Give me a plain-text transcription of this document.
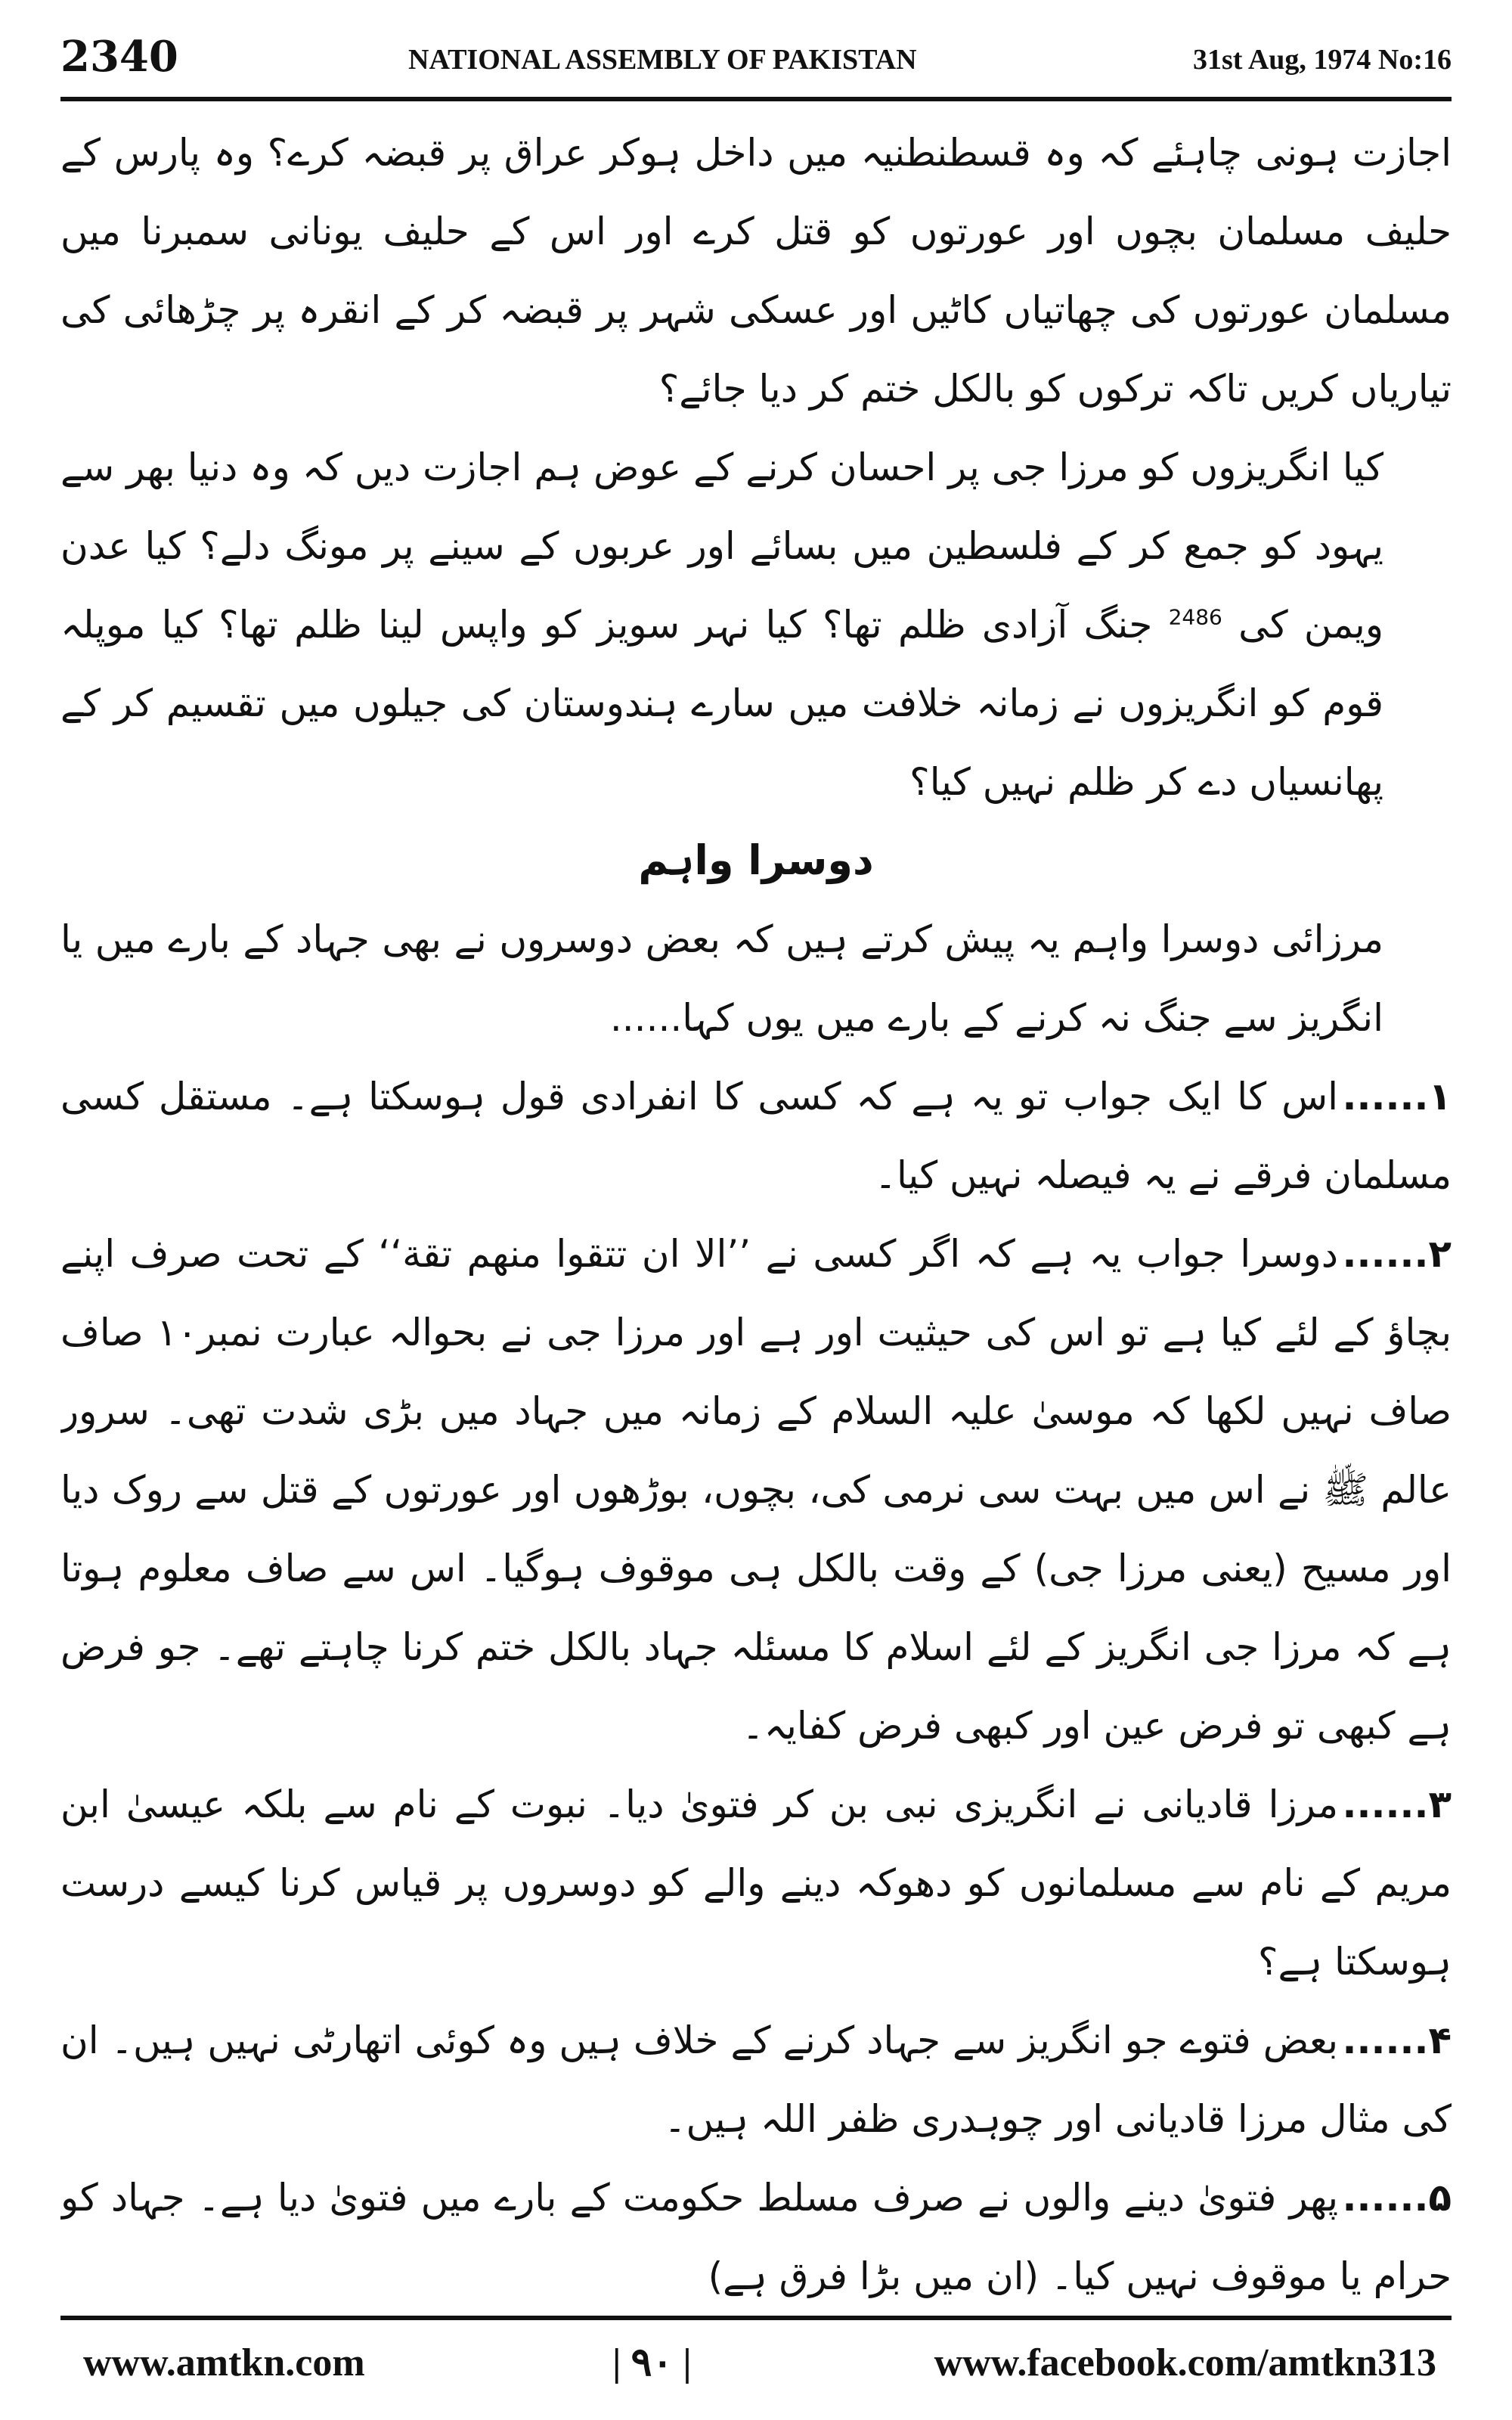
2340	NATIONAL ASSEMBLY OF PAKISTAN	31st Aug, 1974 No:16

اجازت ہونی چاہئے کہ وہ قسطنطنیہ میں داخل ہوکر عراق پر قبضہ کرے؟ وہ پارس کے حلیف مسلمان بچوں اور عورتوں کو قتل کرے اور اس کے حلیف یونانی سمبرنا میں مسلمان عورتوں کی چھاتیاں کاٹیں اور عسکی شہر پر قبضہ کر کے انقرہ پر چڑھائی کی تیاریاں کریں تاکہ ترکوں کو بالکل ختم کر دیا جائے؟

کیا انگریزوں کو مرزا جی پر احسان کرنے کے عوض ہم اجازت دیں کہ وہ دنیا بھر سے یہود کو جمع کر کے فلسطین میں بسائے اور عربوں کے سینے پر مونگ دلے؟ کیا عدن ویمن کی $^{2486}$ جنگ آزادی ظلم تھا؟ کیا نہر سویز کو واپس لینا ظلم تھا؟ کیا موپلہ قوم کو انگریزوں نے زمانہ خلافت میں سارے ہندوستان کی جیلوں میں تقسیم کر کے پھانسیاں دے کر ظلم نہیں کیا؟

دوسرا واہم

مرزائی دوسرا واہم یہ پیش کرتے ہیں کہ بعض دوسروں نے بھی جہاد کے بارے میں یا انگریز سے جنگ نہ کرنے کے بارے میں یوں کہا......

۱......اس کا ایک جواب تو یہ ہے کہ کسی کا انفرادی قول ہوسکتا ہے۔ مستقل کسی مسلمان فرقے نے یہ فیصلہ نہیں کیا۔

۲......دوسرا جواب یہ ہے کہ اگر کسی نے ’’الا ان تتقوا منهم تقة‘‘ کے تحت صرف اپنے بچاؤ کے لئے کیا ہے تو اس کی حیثیت اور ہے اور مرزا جی نے بحوالہ عبارت نمبر۱۰ صاف صاف نہیں لکھا کہ موسیٰ علیہ السلام کے زمانہ میں جہاد میں بڑی شدت تھی۔ سرور عالم ﷺ نے اس میں بہت سی نرمی کی، بچوں، بوڑھوں اور عورتوں کے قتل سے روک دیا اور مسیح (یعنی مرزا جی) کے وقت بالکل ہی موقوف ہوگیا۔ اس سے صاف معلوم ہوتا ہے کہ مرزا جی انگریز کے لئے اسلام کا مسئلہ جہاد بالکل ختم کرنا چاہتے تھے۔ جو فرض ہے کبھی تو فرض عین اور کبھی فرض کفایہ۔

۳......مرزا قادیانی نے انگریزی نبی بن کر فتویٰ دیا۔ نبوت کے نام سے بلکہ عیسیٰ ابن مریم کے نام سے مسلمانوں کو دھوکہ دینے والے کو دوسروں پر قیاس کرنا کیسے درست ہوسکتا ہے؟

۴......بعض فتوے جو انگریز سے جہاد کرنے کے خلاف ہیں وہ کوئی اتھارٹی نہیں ہیں۔ ان کی مثال مرزا قادیانی اور چوہدری ظفر اللہ ہیں۔

۵......پھر فتویٰ دینے والوں نے صرف مسلط حکومت کے بارے میں فتویٰ دیا ہے۔ جہاد کو حرام یا موقوف نہیں کیا۔ (ان میں بڑا فرق ہے)

www.amtkn.com	| ۹۰ |	www.facebook.com/amtkn313
